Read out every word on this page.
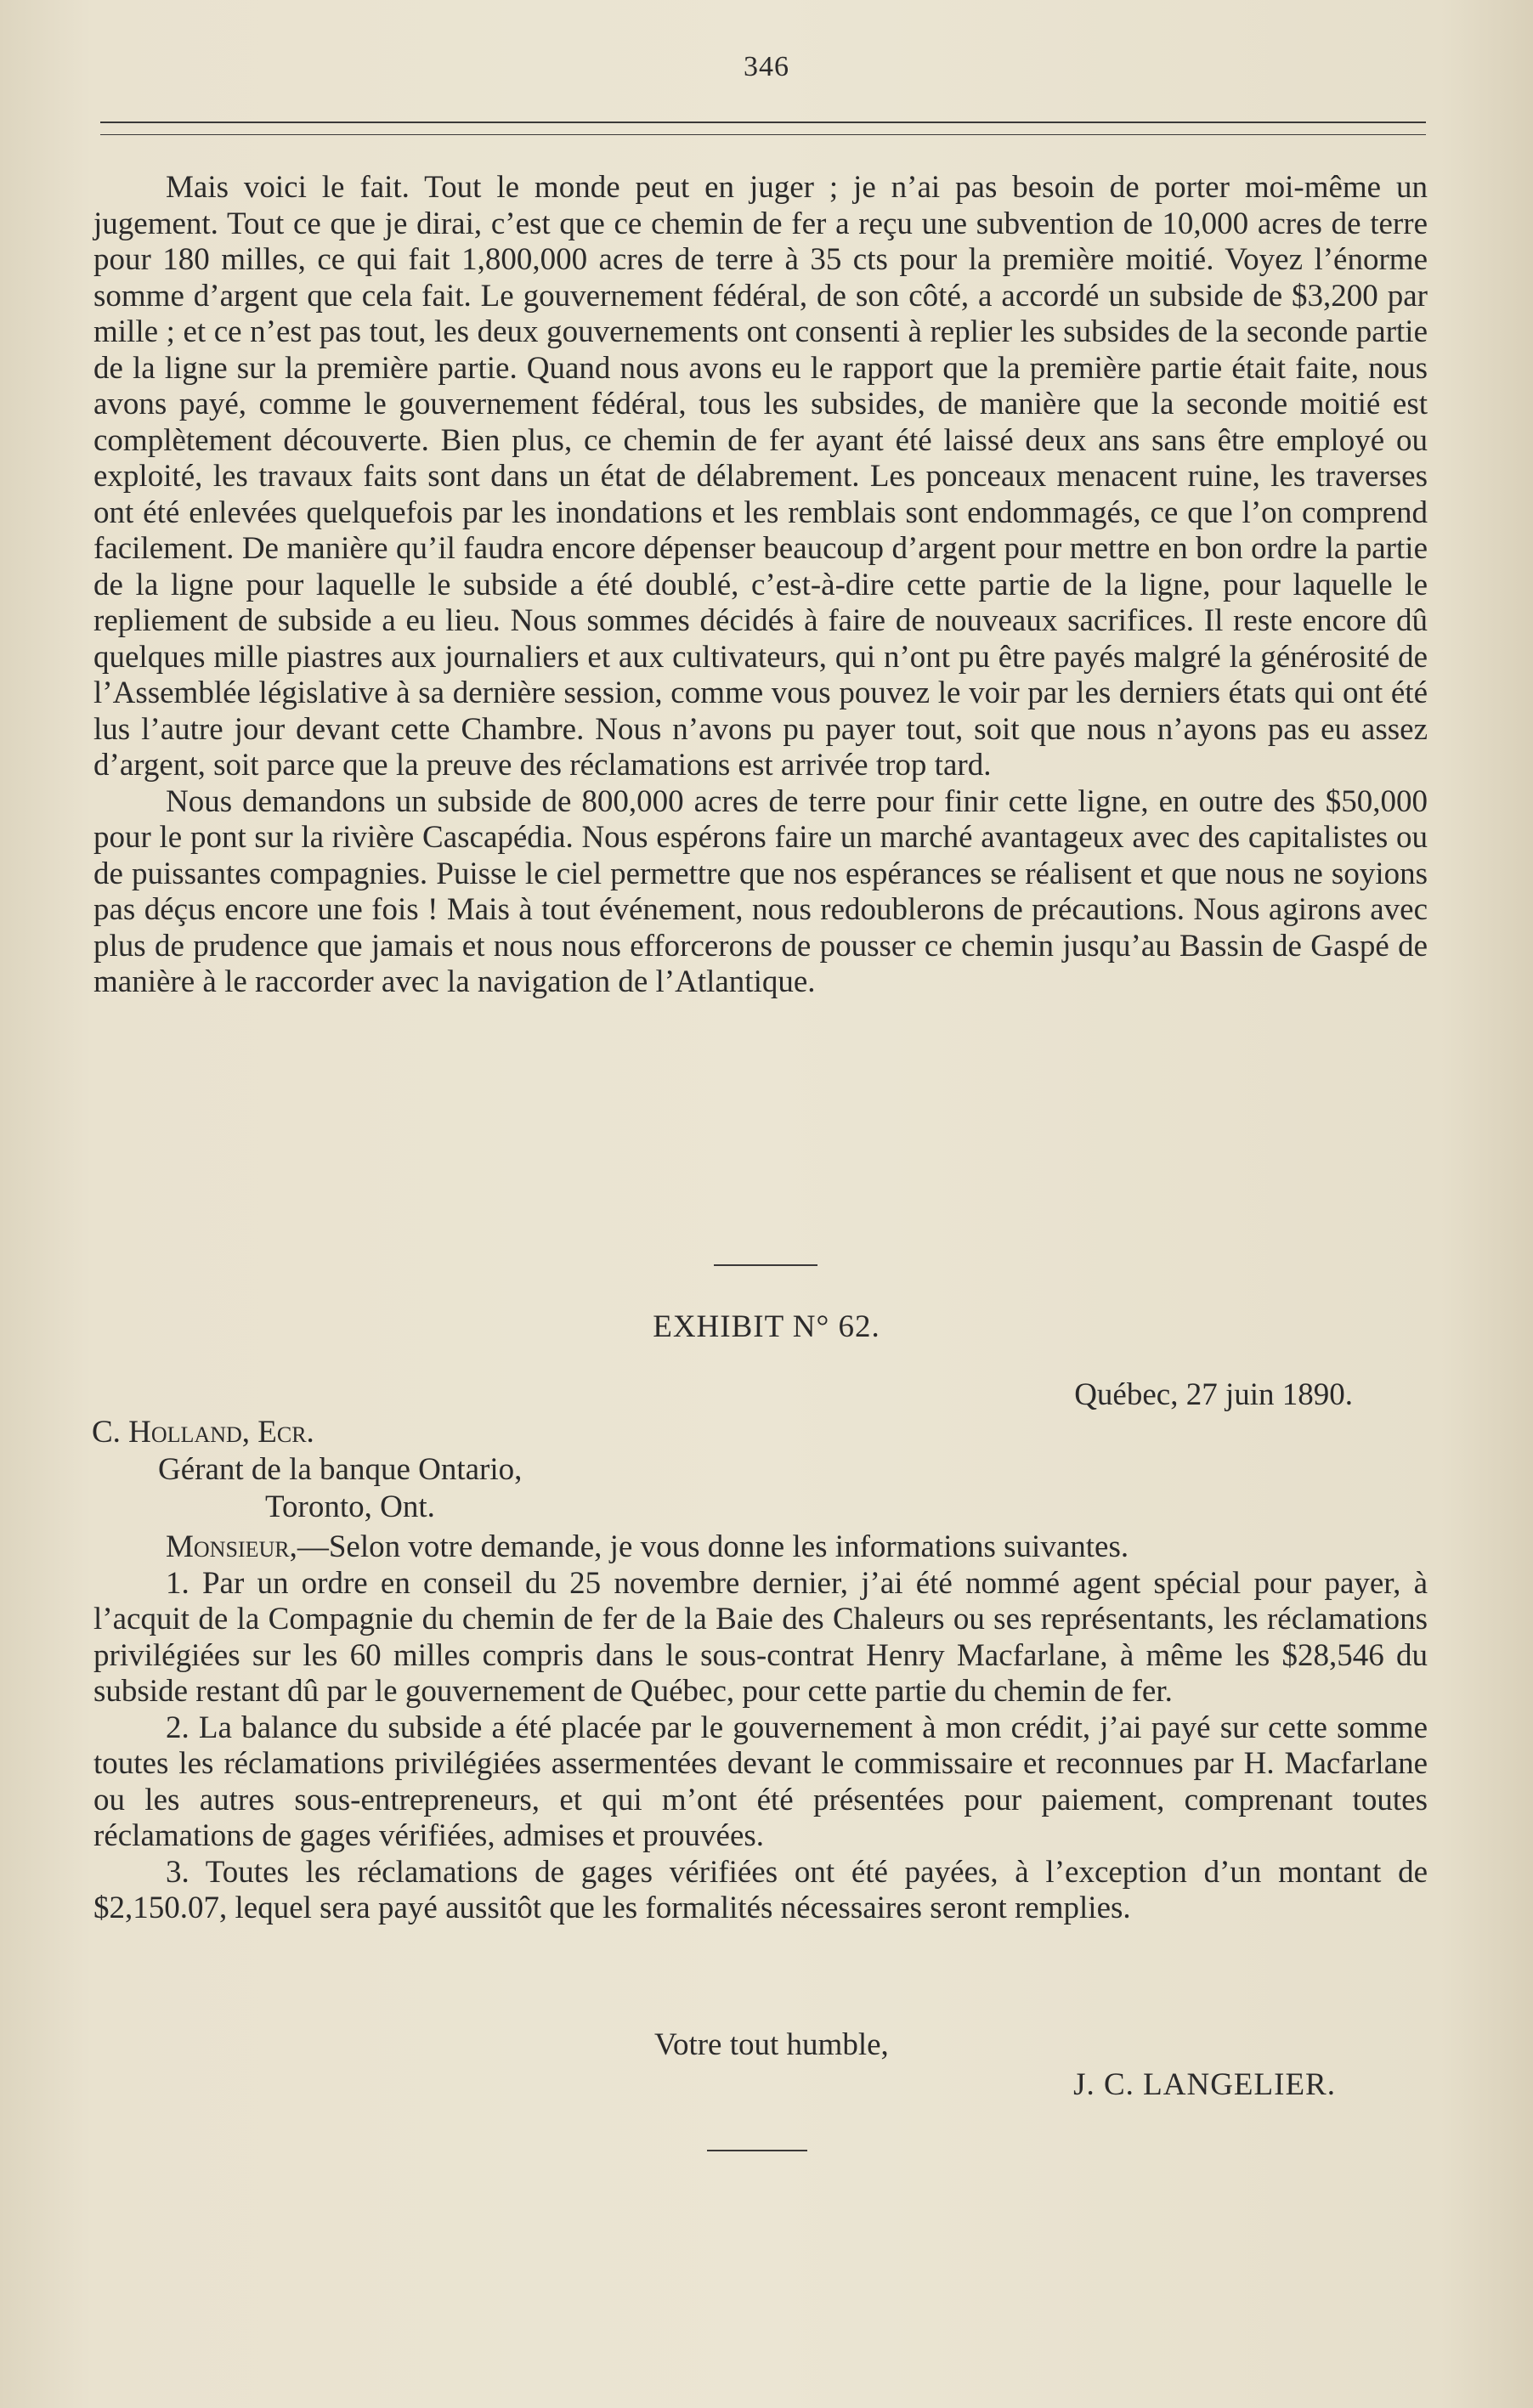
346

Mais voici le fait. Tout le monde peut en juger ; je n’ai pas besoin de porter moi-même un jugement. Tout ce que je dirai, c’est que ce chemin de fer a reçu une subvention de 10,000 acres de terre pour 180 milles, ce qui fait 1,800,000 acres de terre à 35 cts pour la première moitié. Voyez l’énorme somme d’argent que cela fait. Le gouvernement fédéral, de son côté, a accordé un subside de $3,200 par mille ; et ce n’est pas tout, les deux gouvernements ont consenti à replier les subsides de la seconde partie de la ligne sur la première partie. Quand nous avons eu le rapport que la première partie était faite, nous avons payé, comme le gouvernement fédéral, tous les subsides, de manière que la seconde moitié est complètement découverte. Bien plus, ce chemin de fer ayant été laissé deux ans sans être employé ou exploité, les travaux faits sont dans un état de délabrement. Les ponceaux menacent ruine, les traverses ont été enlevées quelquefois par les inondations et les remblais sont endommagés, ce que l’on comprend facilement. De manière qu’il faudra encore dépenser beaucoup d’argent pour mettre en bon ordre la partie de la ligne pour laquelle le subside a été doublé, c’est-à-dire cette partie de la ligne, pour laquelle le repliement de subside a eu lieu. Nous sommes décidés à faire de nouveaux sacrifices. Il reste encore dû quelques mille piastres aux journaliers et aux cultivateurs, qui n’ont pu être payés malgré la générosité de l’Assemblée législative à sa dernière session, comme vous pouvez le voir par les derniers états qui ont été lus l’autre jour devant cette Chambre. Nous n’avons pu payer tout, soit que nous n’ayons pas eu assez d’argent, soit parce que la preuve des réclamations est arrivée trop tard.

Nous demandons un subside de 800,000 acres de terre pour finir cette ligne, en outre des $50,000 pour le pont sur la rivière Cascapédia. Nous espérons faire un marché avantageux avec des capitalistes ou de puissantes compagnies. Puisse le ciel permettre que nos espérances se réalisent et que nous ne soyions pas déçus encore une fois ! Mais à tout événement, nous redoublerons de précautions. Nous agirons avec plus de prudence que jamais et nous nous efforcerons de pousser ce chemin jusqu’au Bassin de Gaspé de manière à le raccorder avec la navigation de l’Atlantique.

EXHIBIT N° 62.
Québec, 27 juin 1890.
C. Holland, Ecr.
Gérant de la banque Ontario,
Toronto, Ont.

Monsieur,—Selon votre demande, je vous donne les informations suivantes.

1. Par un ordre en conseil du 25 novembre dernier, j’ai été nommé agent spécial pour payer, à l’acquit de la Compagnie du chemin de fer de la Baie des Chaleurs ou ses représentants, les réclamations privilégiées sur les 60 milles compris dans le sous-contrat Henry Macfarlane, à même les $28,546 du subside restant dû par le gouvernement de Québec, pour cette partie du chemin de fer.

2. La balance du subside a été placée par le gouvernement à mon crédit, j’ai payé sur cette somme toutes les réclamations privilégiées assermentées devant le commissaire et reconnues par H. Macfarlane ou les autres sous-entrepreneurs, et qui m’ont été présentées pour paiement, comprenant toutes réclamations de gages vérifiées, admises et prouvées.

3. Toutes les réclamations de gages vérifiées ont été payées, à l’exception d’un montant de $2,150.07, lequel sera payé aussitôt que les formalités nécessaires seront remplies.

Votre tout humble,
J. C. LANGELIER.
